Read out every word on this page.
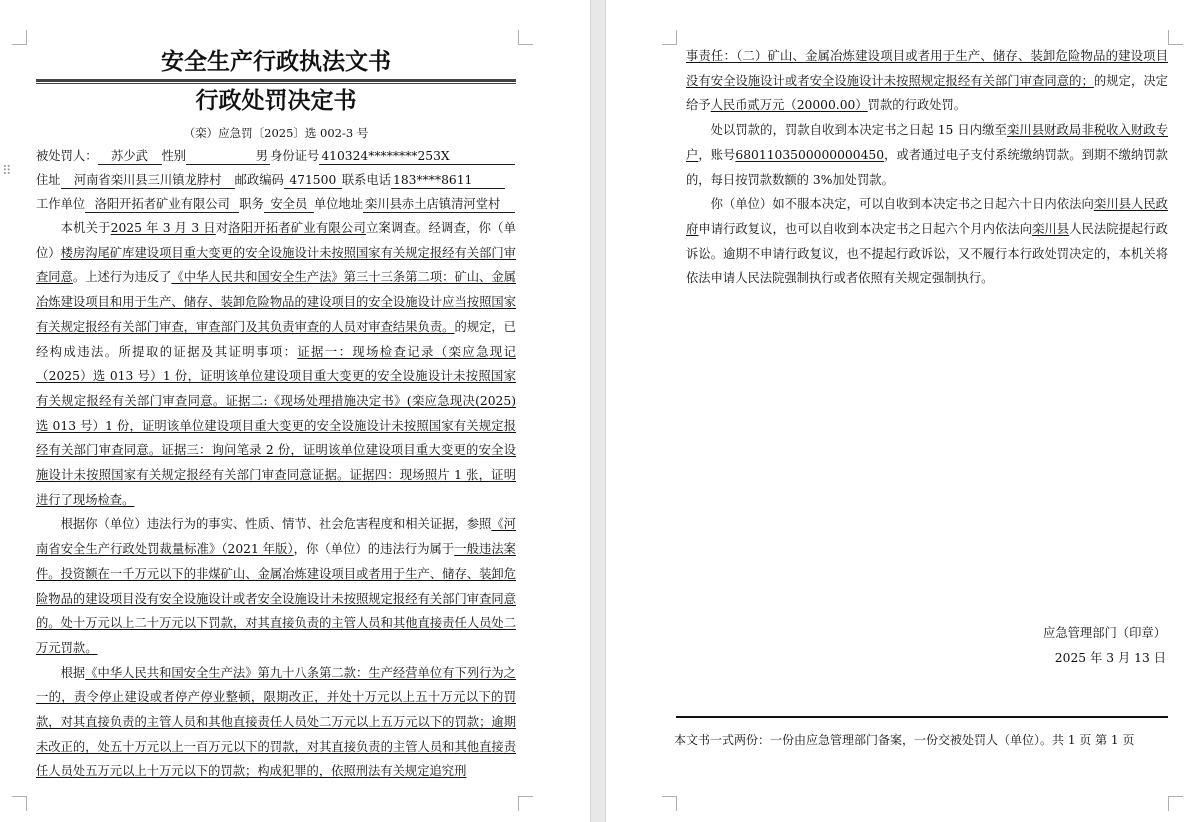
⠿
安全生产行政执法文书
行政处罚决定书
（栾）应急罚〔2025〕选 002-3 号
被处罚人： 苏少武 性别	男 身份证号 410324********253X
住址 河南省栾川县三川镇龙脖村 邮政编码 471500 联系电话 183****8611
工作单位 洛阳开拓者矿业有限公司 职务 安全员 单位地址 栾川县赤土店镇清河堂村

本机关于2025 年 3 月 3 日对洛阳开拓者矿业有限公司立案调查。经调查，你（单位）楼房沟尾矿库建设项目重大变更的安全设施设计未按照国家有关规定报经有关部门审查同意。上述行为违反了《中华人民共和国安全生产法》第三十三条第二项：矿山、金属冶炼建设项目和用于生产、储存、装卸危险物品的建设项目的安全设施设计应当按照国家有关规定报经有关部门审查，审查部门及其负责审查的人员对审查结果负责。的规定，已经构成违法。所提取的证据及其证明事项：证据一：现场检查记录（栾应急现记（2025）选 013 号）1 份，证明该单位建设项目重大变更的安全设施设计未按照国家有关规定报经有关部门审查同意。证据二:《现场处理措施决定书》(栾应急现决(2025)选 013 号）1 份，证明该单位建设项目重大变更的安全设施设计未按照国家有关规定报经有关部门审查同意。证据三：询问笔录 2 份，证明该单位建设项目重大变更的安全设施设计未按照国家有关规定报经有关部门审查同意证据。证据四：现场照片 1 张，证明进行了现场检查。

根据你（单位）违法行为的事实、性质、情节、社会危害程度和相关证据，参照《河南省安全生产行政处罚裁量标准》（2021 年版），你（单位）的违法行为属于一般违法案件。投资额在一千万元以下的非煤矿山、金属冶炼建设项目或者用于生产、储存、装卸危险物品的建设项目没有安全设施设计或者安全设施设计未按照规定报经有关部门审查同意的。处十万元以上二十万元以下罚款，对其直接负责的主管人员和其他直接责任人员处二万元罚款。

根据《中华人民共和国安全生产法》第九十八条第二款：生产经营单位有下列行为之一的，责令停止建设或者停产停业整顿，限期改正，并处十万元以上五十万元以下的罚款，对其直接负责的主管人员和其他直接责任人员处二万元以上五万元以下的罚款；逾期未改正的，处五十万元以上一百万元以下的罚款，对其直接负责的主管人员和其他直接责任人员处五万元以上十万元以下的罚款；构成犯罪的，依照刑法有关规定追究刑

事责任：（二）矿山、金属冶炼建设项目或者用于生产、储存、装卸危险物品的建设项目没有安全设施设计或者安全设施设计未按照规定报经有关部门审查同意的；的规定，决定给予人民币贰万元（20000.00）罚款的行政处罚。

处以罚款的，罚款自收到本决定书之日起 15 日内缴至栾川县财政局非税收入财政专户，账号6801103500000000450，或者通过电子支付系统缴纳罚款。到期不缴纳罚款的，每日按罚款数额的 3%加处罚款。

你（单位）如不服本决定，可以自收到本决定书之日起六十日内依法向栾川县人民政府申请行政复议，也可以自收到本决定书之日起六个月内依法向栾川县人民法院提起行政诉讼。逾期不申请行政复议，也不提起行政诉讼，又不履行本行政处罚决定的，本机关将依法申请人民法院强制执行或者依照有关规定强制执行。

应急管理部门（印章）
2025 年 3 月 13 日
本文书一式两份：一份由应急管理部门备案，一份交被处罚人（单位）。共 1 页 第 1 页
